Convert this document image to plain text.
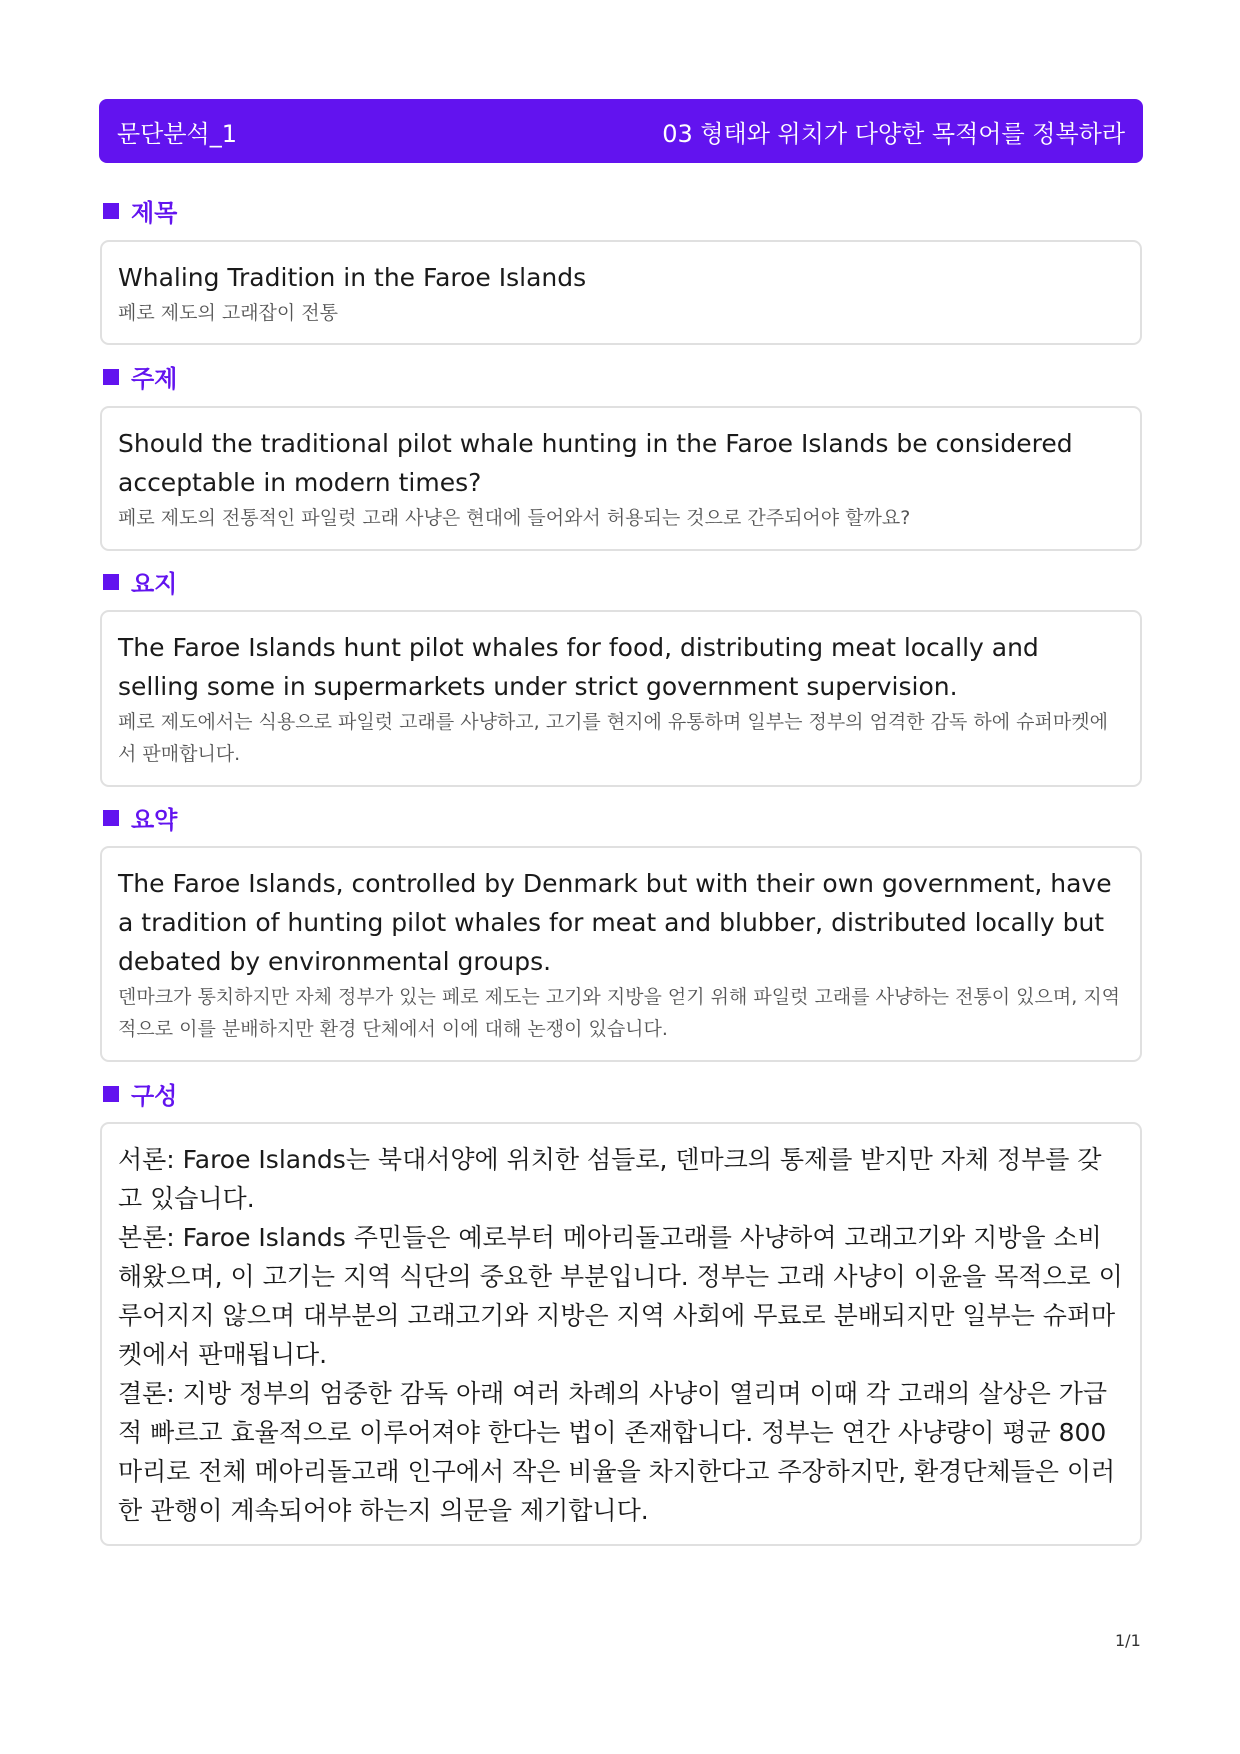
문단분석_1	03 형태와 위치가 다양한 목적어를 정복하라
제목

Whaling Tradition in the Faroe Islands

페로 제도의 고래잡이 전통

주제

Should the traditional pilot whale hunting in the Faroe Islands be considered acceptable in modern times?

페로 제도의 전통적인 파일럿 고래 사냥은 현대에 들어와서 허용되는 것으로 간주되어야 할까요?

요지

The Faroe Islands hunt pilot whales for food, distributing meat locally and selling some in supermarkets under strict government supervision.

페로 제도에서는 식용으로 파일럿 고래를 사냥하고, 고기를 현지에 유통하며 일부는 정부의 엄격한 감독 하에 슈퍼마켓에서 판매합니다.

요약

The Faroe Islands, controlled by Denmark but with their own government, have a tradition of hunting pilot whales for meat and blubber, distributed locally but debated by environmental groups.

덴마크가 통치하지만 자체 정부가 있는 페로 제도는 고기와 지방을 얻기 위해 파일럿 고래를 사냥하는 전통이 있으며, 지역적으로 이를 분배하지만 환경 단체에서 이에 대해 논쟁이 있습니다.

구성

서론: Faroe Islands는 북대서양에 위치한 섬들로, 덴마크의 통제를 받지만 자체 정부를 갖고 있습니다.

본론: Faroe Islands 주민들은 예로부터 메아리돌고래를 사냥하여 고래고기와 지방을 소비해왔으며, 이 고기는 지역 식단의 중요한 부분입니다. 정부는 고래 사냥이 이윤을 목적으로 이루어지지 않으며 대부분의 고래고기와 지방은 지역 사회에 무료로 분배되지만 일부는 슈퍼마켓에서 판매됩니다.

결론: 지방 정부의 엄중한 감독 아래 여러 차례의 사냥이 열리며 이때 각 고래의 살상은 가급적 빠르고 효율적으로 이루어져야 한다는 법이 존재합니다. 정부는 연간 사냥량이 평균 800마리로 전체 메아리돌고래 인구에서 작은 비율을 차지한다고 주장하지만, 환경단체들은 이러한 관행이 계속되어야 하는지 의문을 제기합니다.

1/1
